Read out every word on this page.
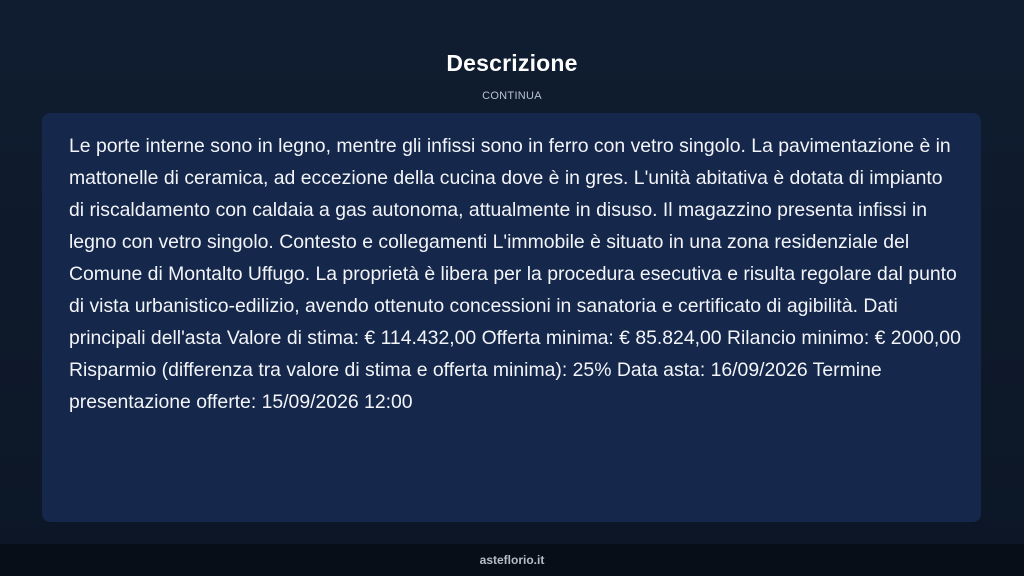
Descrizione
CONTINUA

Le porte interne sono in legno, mentre gli infissi sono in ferro con vetro singolo. La pavimentazione è in mattonelle di ceramica, ad eccezione della cucina dove è in gres. L'unità abitativa è dotata di impianto di riscaldamento con caldaia a gas autonoma, attualmente in disuso. Il magazzino presenta infissi in legno con vetro singolo. Contesto e collegamenti L'immobile è situato in una zona residenziale del Comune di Montalto Uffugo. La proprietà è libera per la procedura esecutiva e risulta regolare dal punto di vista urbanistico-edilizio, avendo ottenuto concessioni in sanatoria e certificato di agibilità. Dati principali dell'asta Valore di stima: € 114.432,00 Offerta minima: € 85.824,00 Rilancio minimo: € 2000,00 Risparmio (differenza tra valore di stima e offerta minima): 25% Data asta: 16/09/2026 Termine presentazione offerte: 15/09/2026 12:00

asteflorio.it
